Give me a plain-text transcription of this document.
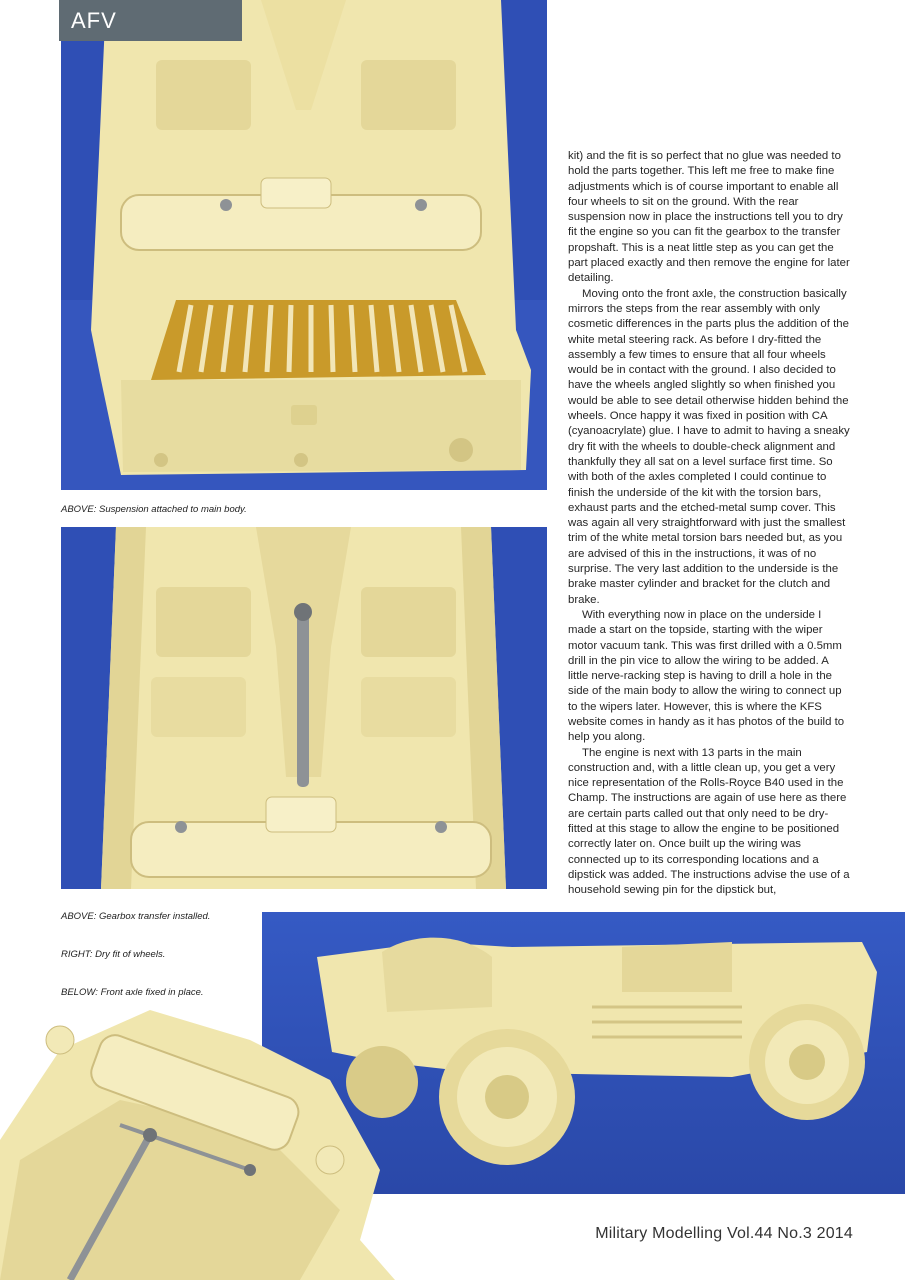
AFV
ABOVE: Suspension attached to main body.

kit) and the fit is so perfect that no glue was needed to hold the parts together. This left me free to make fine adjustments which is of course important to enable all four wheels to sit on the ground. With the rear suspension now in place the instructions tell you to dry fit the engine so you can fit the gearbox to the transfer propshaft. This is a neat little step as you can get the part placed exactly and then remove the engine for later detailing.

Moving onto the front axle, the construction basically mirrors the steps from the rear assembly with only cosmetic differences in the parts plus the addition of the white metal steering rack. As before I dry-fitted the assembly a few times to ensure that all four wheels would be in contact with the ground. I also decided to have the wheels angled slightly so when finished you would be able to see detail otherwise hidden behind the wheels. Once happy it was fixed in position with CA (cyanoacrylate) glue. I have to admit to having a sneaky dry fit with the wheels to double-check alignment and thankfully they all sat on a level surface first time. So with both of the axles completed I could continue to finish the underside of the kit with the torsion bars, exhaust parts and the etched-metal sump cover. This was again all very straightforward with just the smallest trim of the white metal torsion bars needed but, as you are advised of this in the instructions, it was of no surprise. The very last addition to the underside is the brake master cylinder and bracket for the clutch and brake.

With everything now in place on the underside I made a start on the topside, starting with the wiper motor vacuum tank. This was first drilled with a 0.5mm drill in the pin vice to allow the wiring to be added. A little nerve-racking step is having to drill a hole in the side of the main body to allow the wiring to connect up to the wipers later. However, this is where the KFS website comes in handy as it has photos of the build to help you along.

The engine is next with 13 parts in the main construction and, with a little clean up, you get a very nice representation of the Rolls-Royce B40 used in the Champ. The instructions are again of use here as there are certain parts called out that only need to be dry-fitted at this stage to allow the engine to be positioned correctly later on. Once built up the wiring was connected up to its corresponding locations and a dipstick was added. The instructions advise the use of a household sewing pin for the dipstick but,

ABOVE: Gearbox transfer installed.
RIGHT: Dry fit of wheels.
BELOW: Front axle fixed in place.
Military Modelling Vol.44 No.3 2014
